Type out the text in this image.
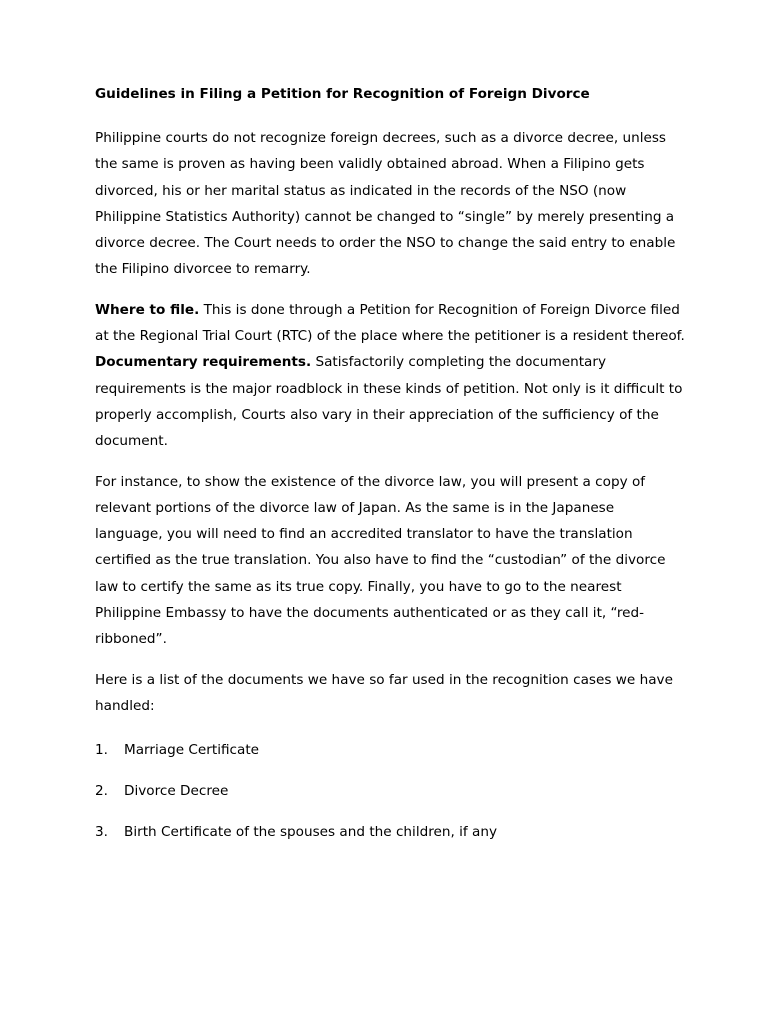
Guidelines in Filing a Petition for Recognition of Foreign Divorce

Philippine courts do not recognize foreign decrees, such as a divorce decree, unless the same is proven as having been validly obtained abroad. When a Filipino gets divorced, his or her marital status as indicated in the records of the NSO (now Philippine Statistics Authority) cannot be changed to “single” by merely presenting a divorce decree. The Court needs to order the NSO to change the said entry to enable the Filipino divorcee to remarry.

Where to file. This is done through a Petition for Recognition of Foreign Divorce filed at the Regional Trial Court (RTC) of the place where the petitioner is a resident thereof.

Documentary requirements. Satisfactorily completing the documentary requirements is the major roadblock in these kinds of petition. Not only is it difficult to properly accomplish, Courts also vary in their appreciation of the sufficiency of the document.

For instance, to show the existence of the divorce law, you will present a copy of relevant portions of the divorce law of Japan. As the same is in the Japanese language, you will need to find an accredited translator to have the translation certified as the true translation. You also have to find the “custodian” of the divorce law to certify the same as its true copy. Finally, you have to go to the nearest Philippine Embassy to have the documents authenticated or as they call it, “red-ribboned”.

Here is a list of the documents we have so far used in the recognition cases we have handled:

1.	Marriage Certificate
2.	Divorce Decree
3.	Birth Certificate of the spouses and the children, if any
